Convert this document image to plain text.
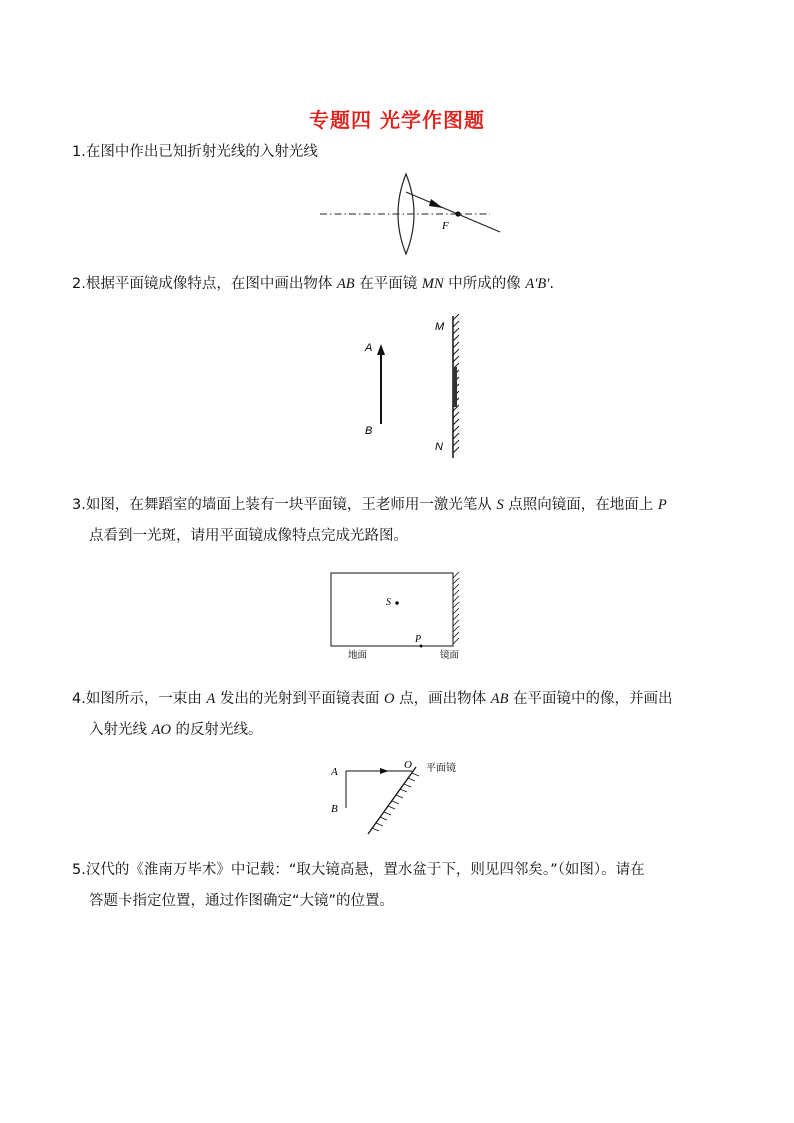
专题四 光学作图题
1.在图中作出已知折射光线的入射光线
F
2.根据平面镜成像特点，在图中画出物体 AB 在平面镜 MN 中所成的像 A′B′.
A
B
M
N
3.如图，在舞蹈室的墙面上装有一块平面镜，王老师用一激光笔从 S 点照向镜面，在地面上 P
点看到一光斑，请用平面镜成像特点完成光路图。
S
P
地面	镜面
4.如图所示，一束由 A 发出的光射到平面镜表面 O 点，画出物体 AB 在平面镜中的像，并画出
入射光线 AO 的反射光线。
A
B
O 平面镜
5.汉代的《淮南万毕术》中记载：“取大镜高悬，置水盆于下，则见四邻矣。”（如图）。请在
答题卡指定位置，通过作图确定“大镜”的位置。
